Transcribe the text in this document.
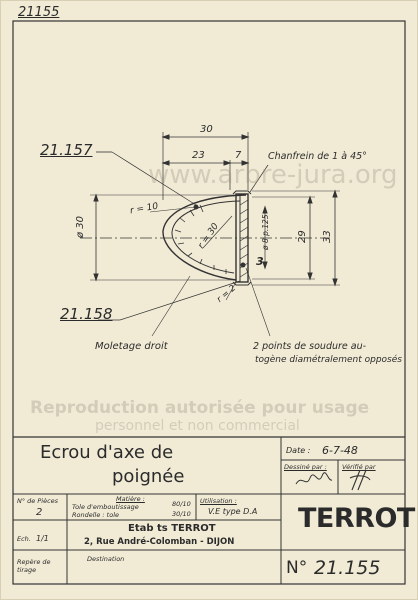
www.arbre-jura.org
Reproduction autorisée pour usage
personnel et non commercial
21155
21.157
21.158
30
23	7	Chanfrein de 1 à 45°
r = 10
r = 30
r = 2
ø 30	ø 8 p.125	29 33
3
Moletage droit	2 points de soudure au-
togène diamétralement opposés
Ecrou d'axe de
poignée
Date : 6-7-48
Dessiné par : Vérifié par
N° de Pièces
2
Matière :
Tole d'emboutissage	80/10
Rondelle : tole	30/10
Utilisation :
V.E type D.A
Ech. 1/1
Etab ts TERROT
2, Rue André-Colomban - DIJON
TERROT
Repère de tirage
Destination	N° 21.155
